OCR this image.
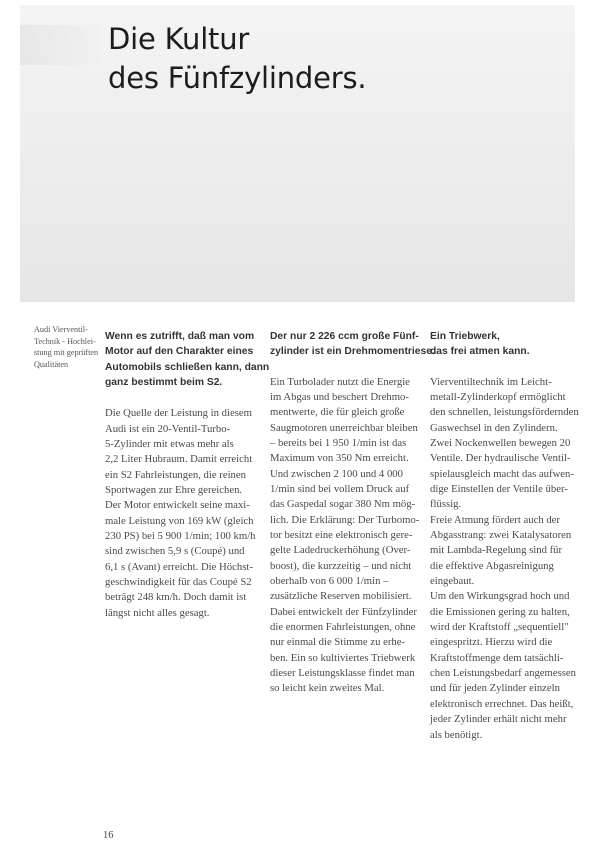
Die Kultur
des Fünfzylinders.
Audi Vierventil-
Technik - Hochlei-
stung mit geprüften
Qualitäten

Wenn es zutrifft, daß man vom
Motor auf den Charakter eines
Automobils schließen kann, dann
ganz bestimmt beim S2.

Die Quelle der Leistung in diesem
Audi ist ein 20-Ventil-Turbo-
5-Zylinder mit etwas mehr als
2,2 Liter Hubraum. Damit erreicht
ein S2 Fahrleistungen, die reinen
Sportwagen zur Ehre gereichen.
Der Motor entwickelt seine maxi-
male Leistung von 169 kW (gleich
230 PS) bei 5 900 1/min; 100 km/h
sind zwischen 5,9 s (Coupé) und
6,1 s (Avant) erreicht. Die Höchst-
geschwindigkeit für das Coupé S2
beträgt 248 km/h. Doch damit ist
längst nicht alles gesagt.

Der nur 2 226 ccm große Fünf-
zylinder ist ein Drehmomentriese.

Ein Turbolader nutzt die Energie
im Abgas und beschert Drehmo-
mentwerte, die für gleich große
Saugmotoren unerreichbar bleiben
– bereits bei 1 950 1/min ist das
Maximum von 350 Nm erreicht.
Und zwischen 2 100 und 4 000
1/min sind bei vollem Druck auf
das Gaspedal sogar 380 Nm mög-
lich. Die Erklärung: Der Turbomo-
tor besitzt eine elektronisch gere-
gelte Ladedruckerhöhung (Over-
boost), die kurzzeitig – und nicht
oberhalb von 6 000 1/min –
zusätzliche Reserven mobilisiert.
Dabei entwickelt der Fünfzylinder
die enormen Fahrleistungen, ohne
nur einmal die Stimme zu erhe-
ben. Ein so kultiviertes Triebwerk
dieser Leistungsklasse findet man
so leicht kein zweites Mal.

Ein Triebwerk,
das frei atmen kann.

Vierventiltechnik im Leicht-
metall-Zylinderkopf ermöglicht
den schnellen, leistungsfördernden
Gaswechsel in den Zylindern.
Zwei Nockenwellen bewegen 20
Ventile. Der hydraulische Ventil-
spielausgleich macht das aufwen-
dige Einstellen der Ventile über-
flüssig.
Freie Atmung fördert auch der
Abgasstrang: zwei Katalysatoren
mit Lambda-Regelung sind für
die effektive Abgasreinigung
eingebaut.
Um den Wirkungsgrad hoch und
die Emissionen gering zu halten,
wird der Kraftstoff „sequentiell"
eingespritzt. Hierzu wird die
Kraftstoffmenge dem tatsächli-
chen Leistungsbedarf angemessen
und für jeden Zylinder einzeln
elektronisch errechnet. Das heißt,
jeder Zylinder erhält nicht mehr
als benötigt.

16
